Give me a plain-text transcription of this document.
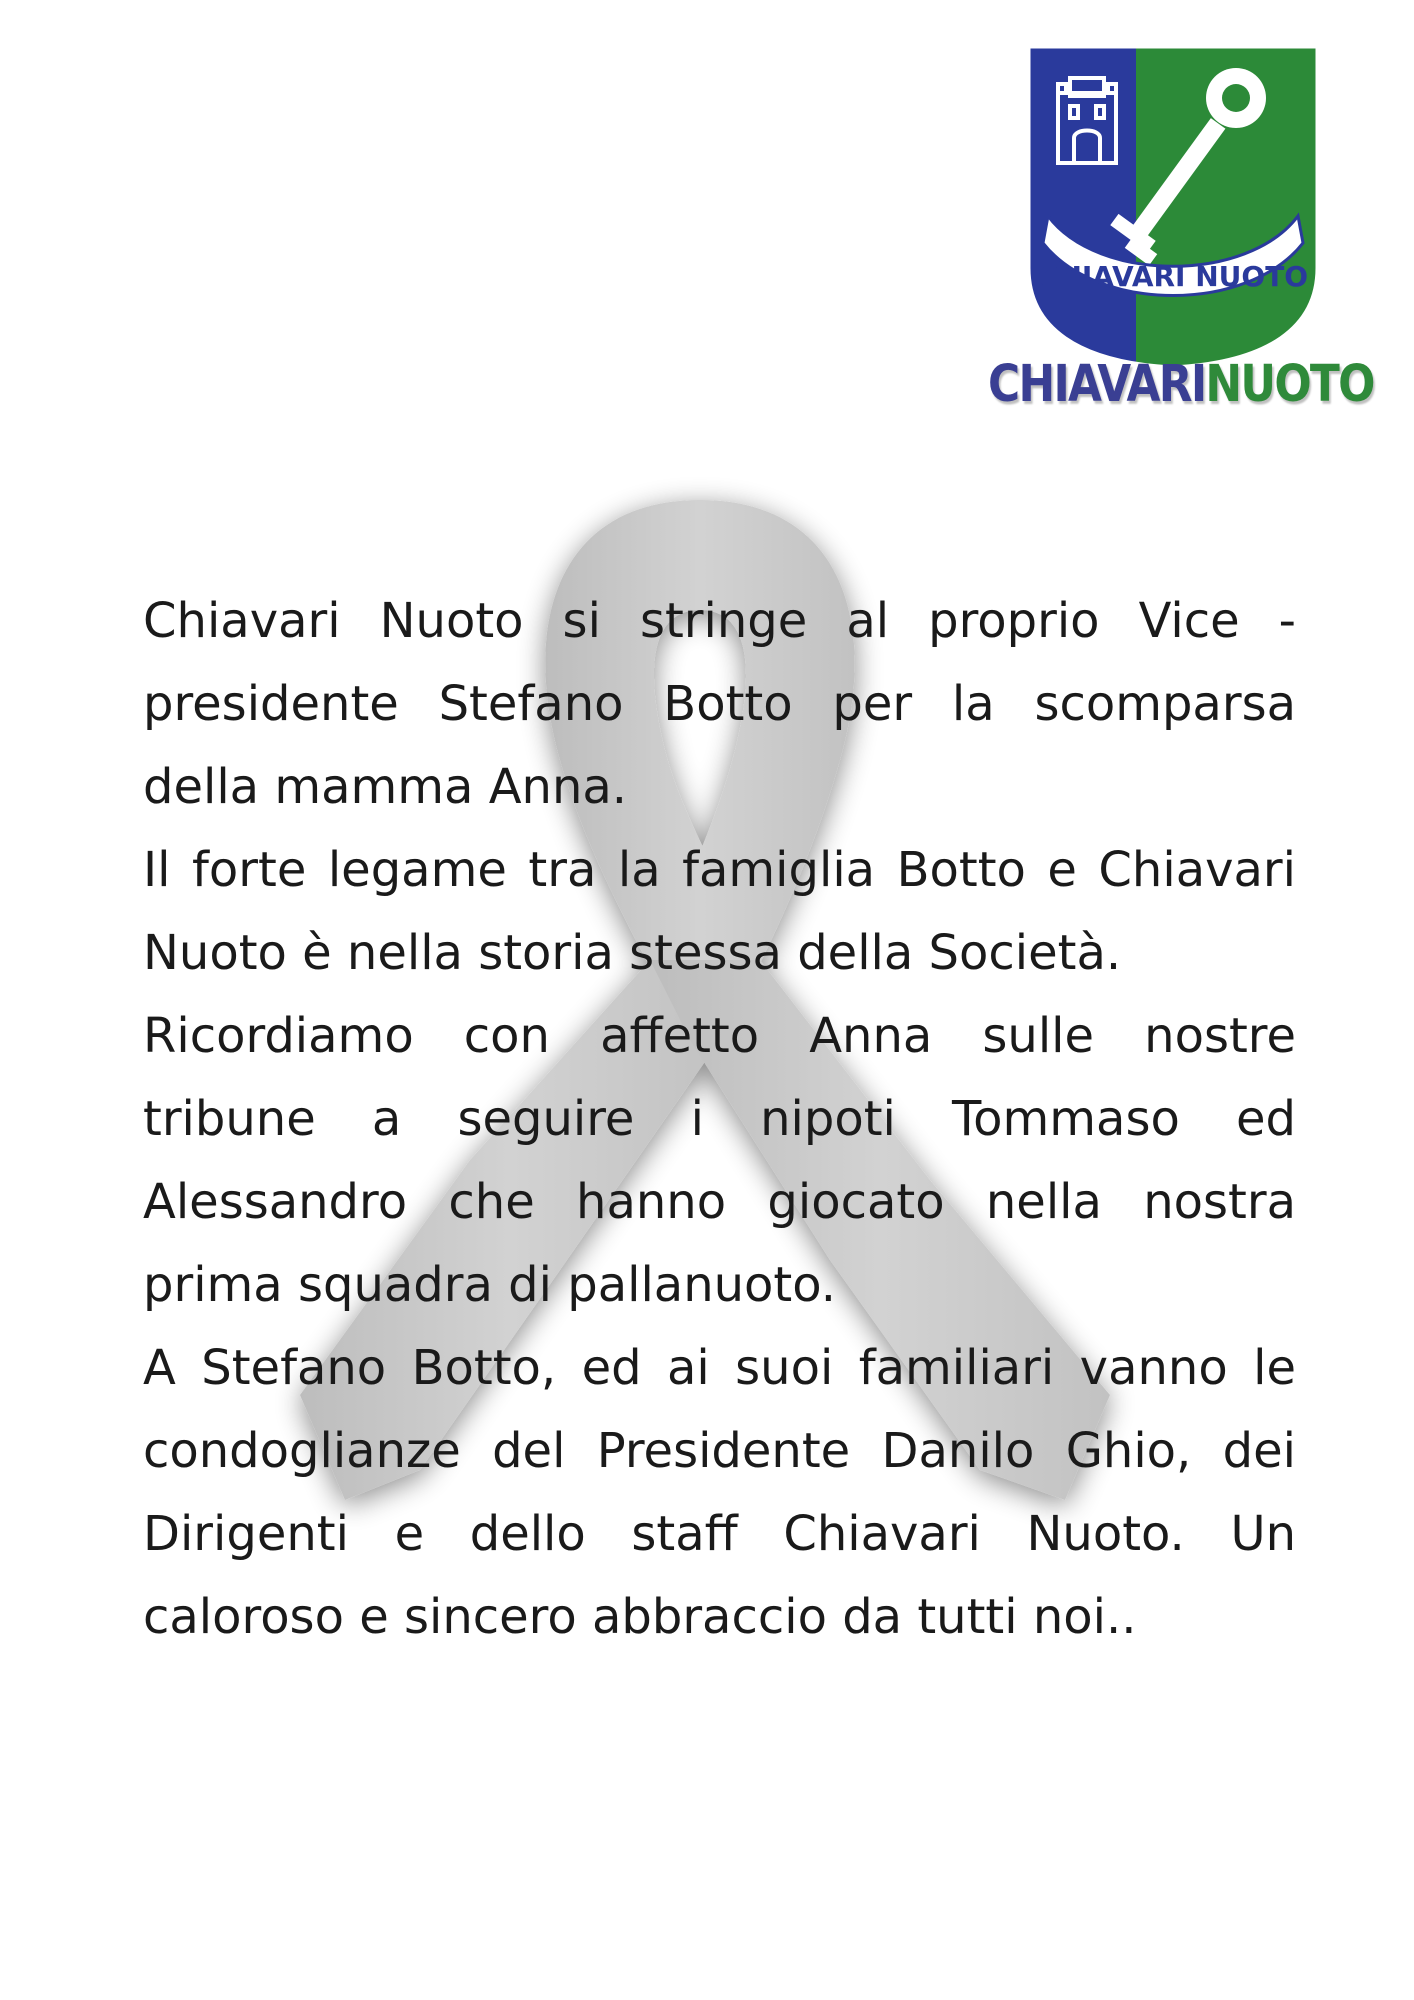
CHIAVARI NUOTO
CHIAVARINUOTO

Chiavari Nuoto si stringe al proprio Vice - presidente Stefano Botto per la scomparsa della mamma Anna.

Il forte legame tra la famiglia Botto e Chiavari Nuoto è nella storia stessa della Società.

Ricordiamo con affetto Anna sulle nostre tribune a seguire i nipoti Tommaso ed Alessandro che hanno giocato nella nostra prima squadra di pallanuoto.

A Stefano Botto, ed ai suoi familiari vanno le condoglianze del Presidente Danilo Ghio, dei Dirigenti e dello staff Chiavari Nuoto. Un caloroso e sincero abbraccio da tutti noi..
